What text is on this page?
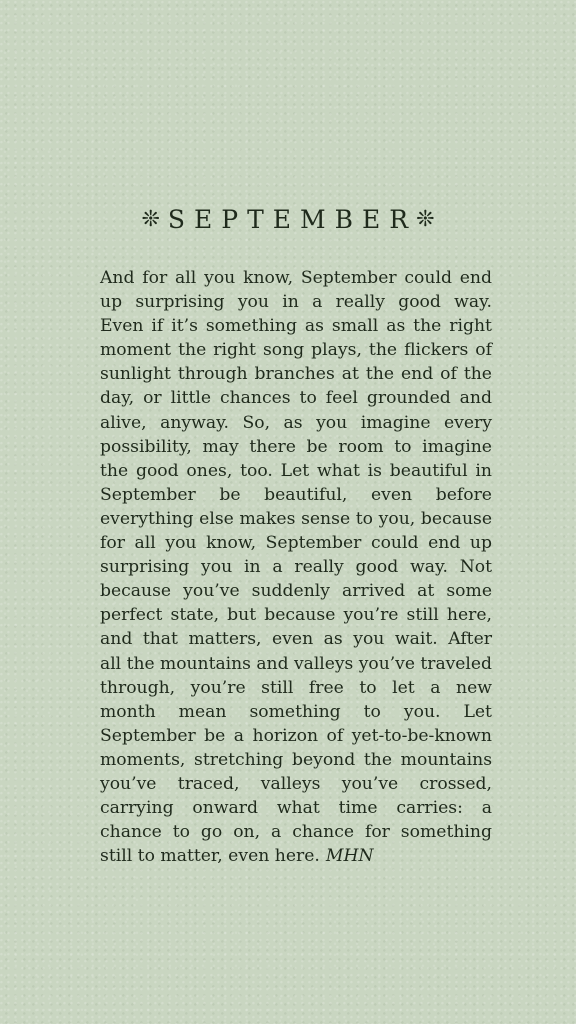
❊ SEPTEMBER ❊
And for all you know, September could end
up surprising you in a really good way.
Even if it’s something as small as the right
moment the right song plays, the flickers of
sunlight through branches at the end of the
day, or little chances to feel grounded and
alive, anyway. So, as you imagine every
possibility, may there be room to imagine
the good ones, too. Let what is beautiful in
September be beautiful, even before
everything else makes sense to you, because
for all you know, September could end up
surprising you in a really good way. Not
because you’ve suddenly arrived at some
perfect state, but because you’re still here,
and that matters, even as you wait. After
all the mountains and valleys you’ve traveled
through, you’re still free to let a new
month mean something to you. Let
September be a horizon of yet-to-be-known
moments, stretching beyond the mountains
you’ve traced, valleys you’ve crossed,
carrying onward what time carries: a
chance to go on, a chance for something
still to matter, even here. MHN
